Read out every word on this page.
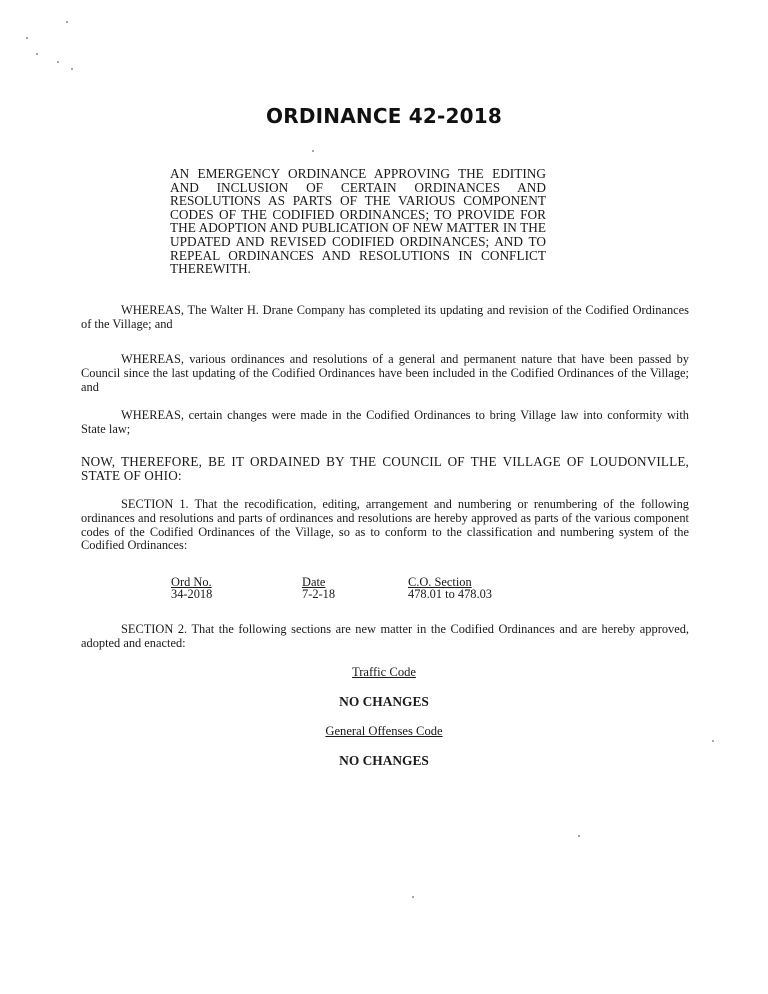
ORDINANCE 42-2018
AN EMERGENCY ORDINANCE APPROVING THE EDITING AND INCLUSION OF CERTAIN ORDINANCES AND RESOLUTIONS AS PARTS OF THE VARIOUS COMPONENT CODES OF THE CODIFIED ORDINANCES; TO PROVIDE FOR THE ADOPTION AND PUBLICATION OF NEW MATTER IN THE UPDATED AND REVISED CODIFIED ORDINANCES; AND TO REPEAL ORDINANCES AND RESOLUTIONS IN CONFLICT THEREWITH.
WHEREAS, The Walter H. Drane Company has completed its updating and revision of the Codified Ordinances of the Village; and
WHEREAS, various ordinances and resolutions of a general and permanent nature that have been passed by Council since the last updating of the Codified Ordinances have been included in the Codified Ordinances of the Village; and
WHEREAS, certain changes were made in the Codified Ordinances to bring Village law into conformity with State law;
NOW, THEREFORE, BE IT ORDAINED BY THE COUNCIL OF THE VILLAGE OF LOUDONVILLE, STATE OF OHIO:
SECTION 1. That the recodification, editing, arrangement and numbering or renumbering of the following ordinances and resolutions and parts of ordinances and resolutions are hereby approved as parts of the various component codes of the Codified Ordinances of the Village, so as to conform to the classification and numbering system of the Codified Ordinances:
Ord No.
34-2018
Date
7-2-18
C.O. Section
478.01 to 478.03
SECTION 2. That the following sections are new matter in the Codified Ordinances and are hereby approved, adopted and enacted:
Traffic Code
NO CHANGES
General Offenses Code
NO CHANGES
